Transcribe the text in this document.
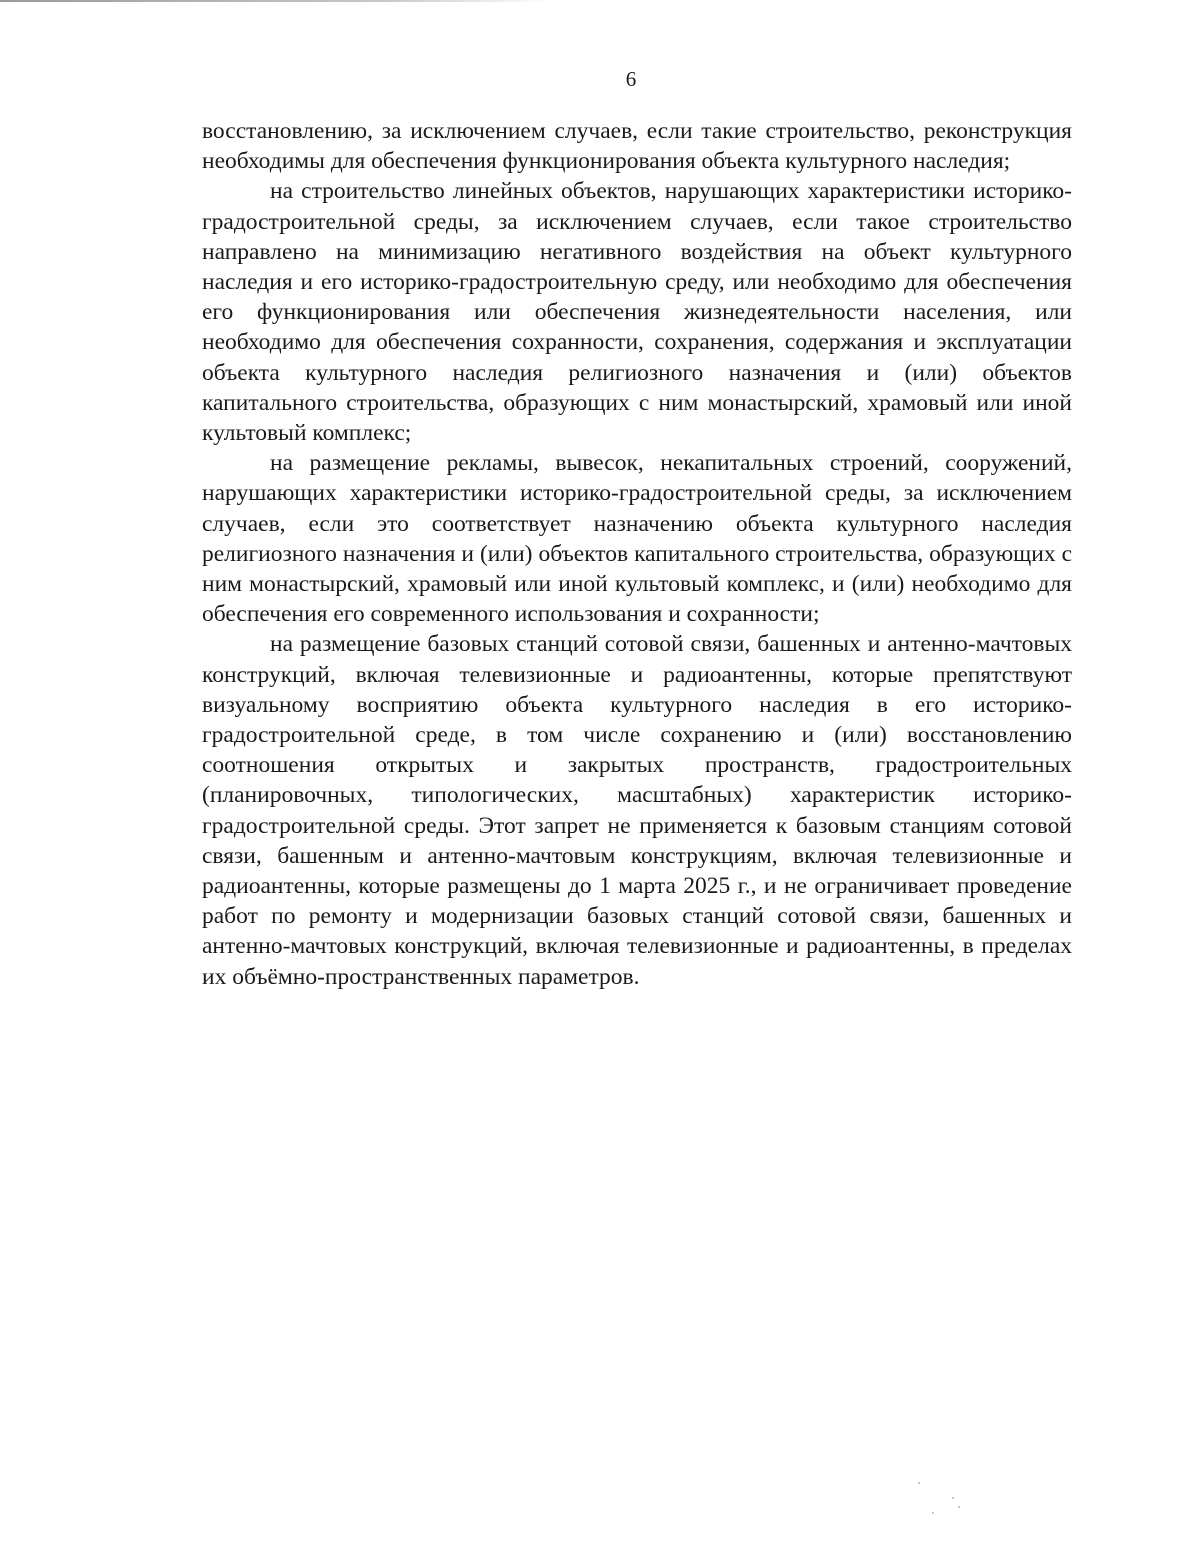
6

восстановлению, за исключением случаев, если такие строительство, реконструкция необходимы для обеспечения функционирования объекта культурного наследия;

на строительство линейных объектов, нарушающих характеристики историко-градостроительной среды, за исключением случаев, если такое строительство направлено на минимизацию негативного воздействия на объект культурного наследия и его историко-градостроительную среду, или необходимо для обеспечения его функционирования или обеспечения жизнедеятельности населения, или необходимо для обеспечения сохранности, сохранения, содержания и эксплуатации объекта культурного наследия религиозного назначения и (или) объектов капитального строительства, образующих с ним монастырский, храмовый или иной культовый комплекс;

на размещение рекламы, вывесок, некапитальных строений, сооружений, нарушающих характеристики историко-градостроительной среды, за исключением случаев, если это соответствует назначению объекта культурного наследия религиозного назначения и (или) объектов капитального строительства, образующих с ним монастырский, храмовый или иной культовый комплекс, и (или) необходимо для обеспечения его современного использования и сохранности;

на размещение базовых станций сотовой связи, башенных и антенно-мачтовых конструкций, включая телевизионные и радиоантенны, которые препятствуют визуальному восприятию объекта культурного наследия в его историко-градостроительной среде, в том числе сохранению и (или) восстановлению соотношения открытых и закрытых пространств, градостроительных (планировочных, типологических, масштабных) характеристик историко-градостроительной среды. Этот запрет не применяется к базовым станциям сотовой связи, башенным и антенно-мачтовым конструкциям, включая телевизионные и радиоантенны, которые размещены до 1 марта 2025 г., и не ограничивает проведение работ по ремонту и модернизации базовых станций сотовой связи, башенных и антенно-мачтовых конструкций, включая телевизионные и радиоантенны, в пределах их объёмно-пространственных параметров.
